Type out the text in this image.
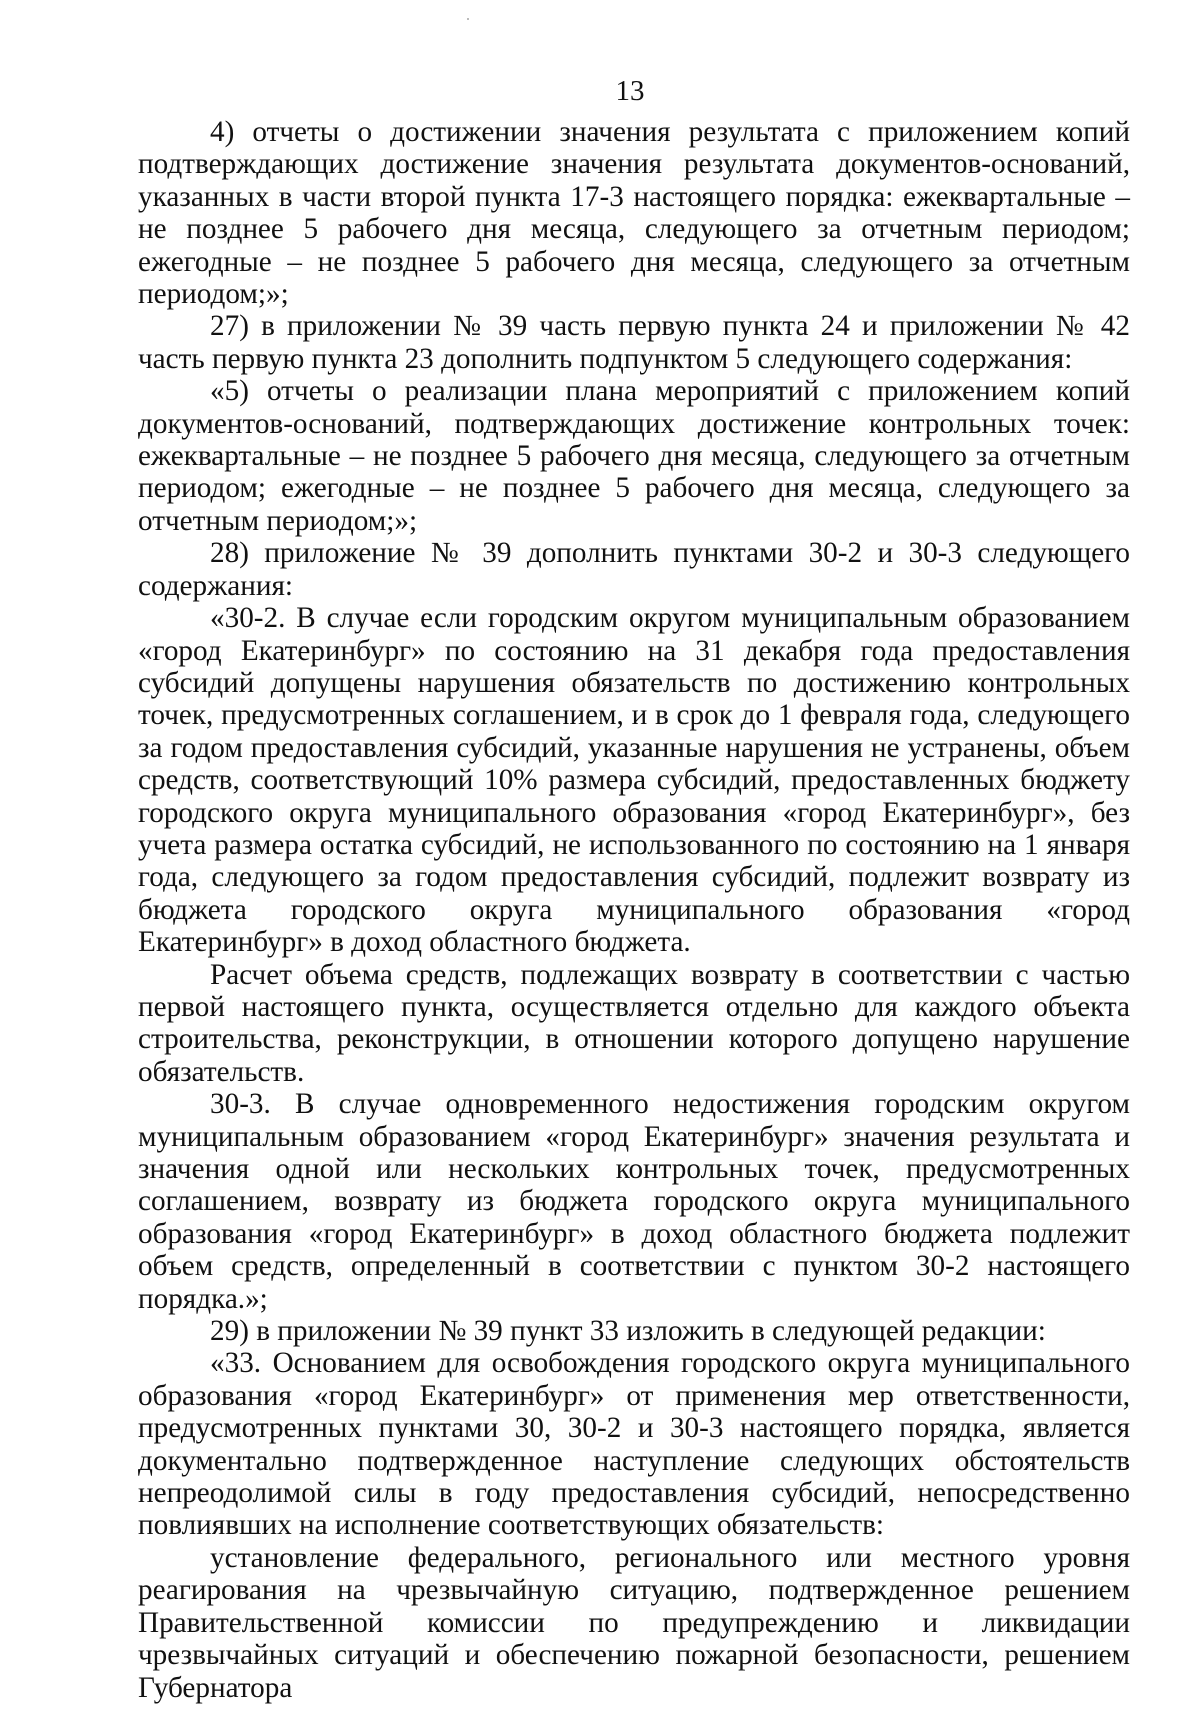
13

4) отчеты о достижении значения результата с приложением копий подтверждающих достижение значения результата документов-оснований, указанных в части второй пункта 17-3 настоящего порядка: ежеквартальные – не позднее 5 рабочего дня месяца, следующего за отчетным периодом; ежегодные – не позднее 5 рабочего дня месяца, следующего за отчетным периодом;»;

27) в приложении № 39 часть первую пункта 24 и приложении № 42 часть первую пункта 23 дополнить подпунктом 5 следующего содержания:

«5) отчеты о реализации плана мероприятий с приложением копий документов-оснований, подтверждающих достижение контрольных точек: ежеквартальные – не позднее 5 рабочего дня месяца, следующего за отчетным периодом; ежегодные – не позднее 5 рабочего дня месяца, следующего за отчетным периодом;»;

28) приложение № 39 дополнить пунктами 30-2 и 30-3 следующего содержания:

«30-2. В случае если городским округом муниципальным образованием «город Екатеринбург» по состоянию на 31 декабря года предоставления субсидий допущены нарушения обязательств по достижению контрольных точек, предусмотренных соглашением, и в срок до 1 февраля года, следующего за годом предоставления субсидий, указанные нарушения не устранены, объем средств, соответствующий 10% размера субсидий, предоставленных бюджету городского округа муниципального образования «город Екатеринбург», без учета размера остатка субсидий, не использованного по состоянию на 1 января года, следующего за годом предоставления субсидий, подлежит возврату из бюджета городского округа муниципального образования «город Екатеринбург» в доход областного бюджета.

Расчет объема средств, подлежащих возврату в соответствии с частью первой настоящего пункта, осуществляется отдельно для каждого объекта строительства, реконструкции, в отношении которого допущено нарушение обязательств.

30-3. В случае одновременного недостижения городским округом муниципальным образованием «город Екатеринбург» значения результата и значения одной или нескольких контрольных точек, предусмотренных соглашением, возврату из бюджета городского округа муниципального образования «город Екатеринбург» в доход областного бюджета подлежит объем средств, определенный в соответствии с пунктом 30-2 настоящего порядка.»;

29) в приложении № 39 пункт 33 изложить в следующей редакции:

«33. Основанием для освобождения городского округа муниципального образования «город Екатеринбург» от применения мер ответственности, предусмотренных пунктами 30, 30-2 и 30-3 настоящего порядка, является документально подтвержденное наступление следующих обстоятельств непреодолимой силы в году предоставления субсидий, непосредственно повлиявших на исполнение соответствующих обязательств:

установление федерального, регионального или местного уровня реагирования на чрезвычайную ситуацию, подтвержденное решением Правительственной комиссии по предупреждению и ликвидации чрезвычайных ситуаций и обеспечению пожарной безопасности, решением Губернатора
